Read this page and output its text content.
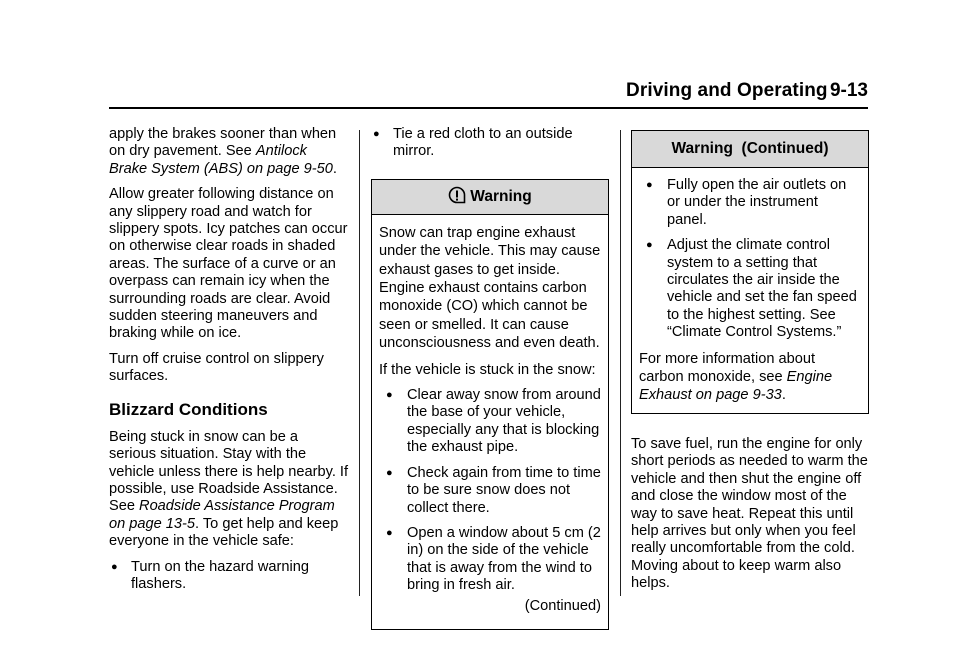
Driving and Operating 9-13

apply the brakes sooner than when on dry pavement. See Antilock Brake System (ABS) on page 9-50.

Allow greater following distance on any slippery road and watch for slippery spots. Icy patches can occur on otherwise clear roads in shaded areas. The surface of a curve or an overpass can remain icy when the surrounding roads are clear. Avoid sudden steering maneuvers and braking while on ice.

Turn off cruise control on slippery surfaces.

Blizzard Conditions

Being stuck in snow can be a serious situation. Stay with the vehicle unless there is help nearby. If possible, use Roadside Assistance. See Roadside Assistance Program on page 13-5. To get help and keep everyone in the vehicle safe:

● Turn on the hazard warning flashers.
● Tie a red cloth to an outside mirror.
Warning

Snow can trap engine exhaust under the vehicle. This may cause exhaust gases to get inside. Engine exhaust contains carbon monoxide (CO) which cannot be seen or smelled. It can cause unconsciousness and even death.

If the vehicle is stuck in the snow:

● Clear away snow from around the base of your vehicle, especially any that is blocking the exhaust pipe.
● Check again from time to time to be sure snow does not collect there.
● Open a window about 5 cm (2 in) on the side of the vehicle that is away from the wind to bring in fresh air.

(Continued)

Warning  (Continued)
● Fully open the air outlets on or under the instrument panel.
● Adjust the climate control system to a setting that circulates the air inside the vehicle and set the fan speed to the highest setting. See “Climate Control Systems.”

For more information about carbon monoxide, see Engine Exhaust on page 9-33.

To save fuel, run the engine for only short periods as needed to warm the vehicle and then shut the engine off and close the window most of the way to save heat. Repeat this until help arrives but only when you feel really uncomfortable from the cold. Moving about to keep warm also helps.
